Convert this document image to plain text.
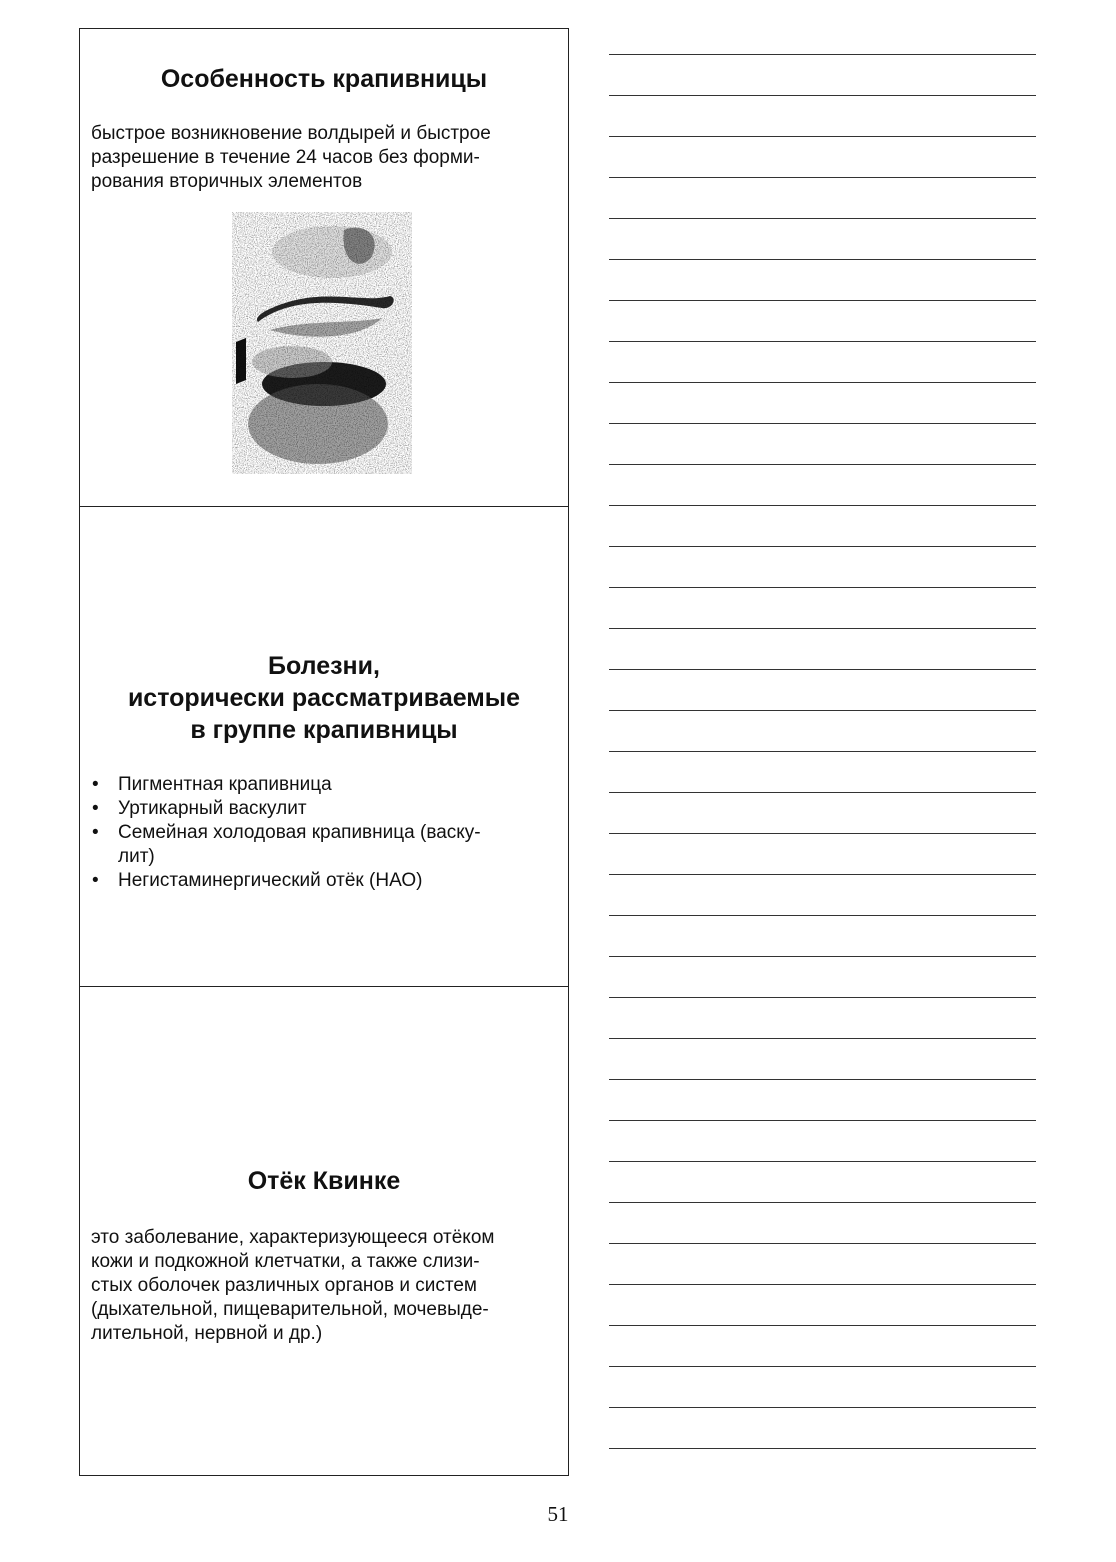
Особенность крапивницы

быстрое возникновение волдырей и быстрое
разрешение в течение 24 часов без форми-
рования вторичных элементов

Болезни,
исторически рассматриваемые
в группе крапивницы
• Пигментная крапивница
• Уртикарный васкулит
• Семейная холодовая крапивница (васку-
лит)
• Негистаминергический отёк (НАО)
Отёк Квинке

это заболевание, характеризующееся отёком
кожи и подкожной клетчатки, а также слизи-
стых оболочек различных органов и систем
(дыхательной, пищеварительной, мочевыде-
лительной, нервной и др.)

51
